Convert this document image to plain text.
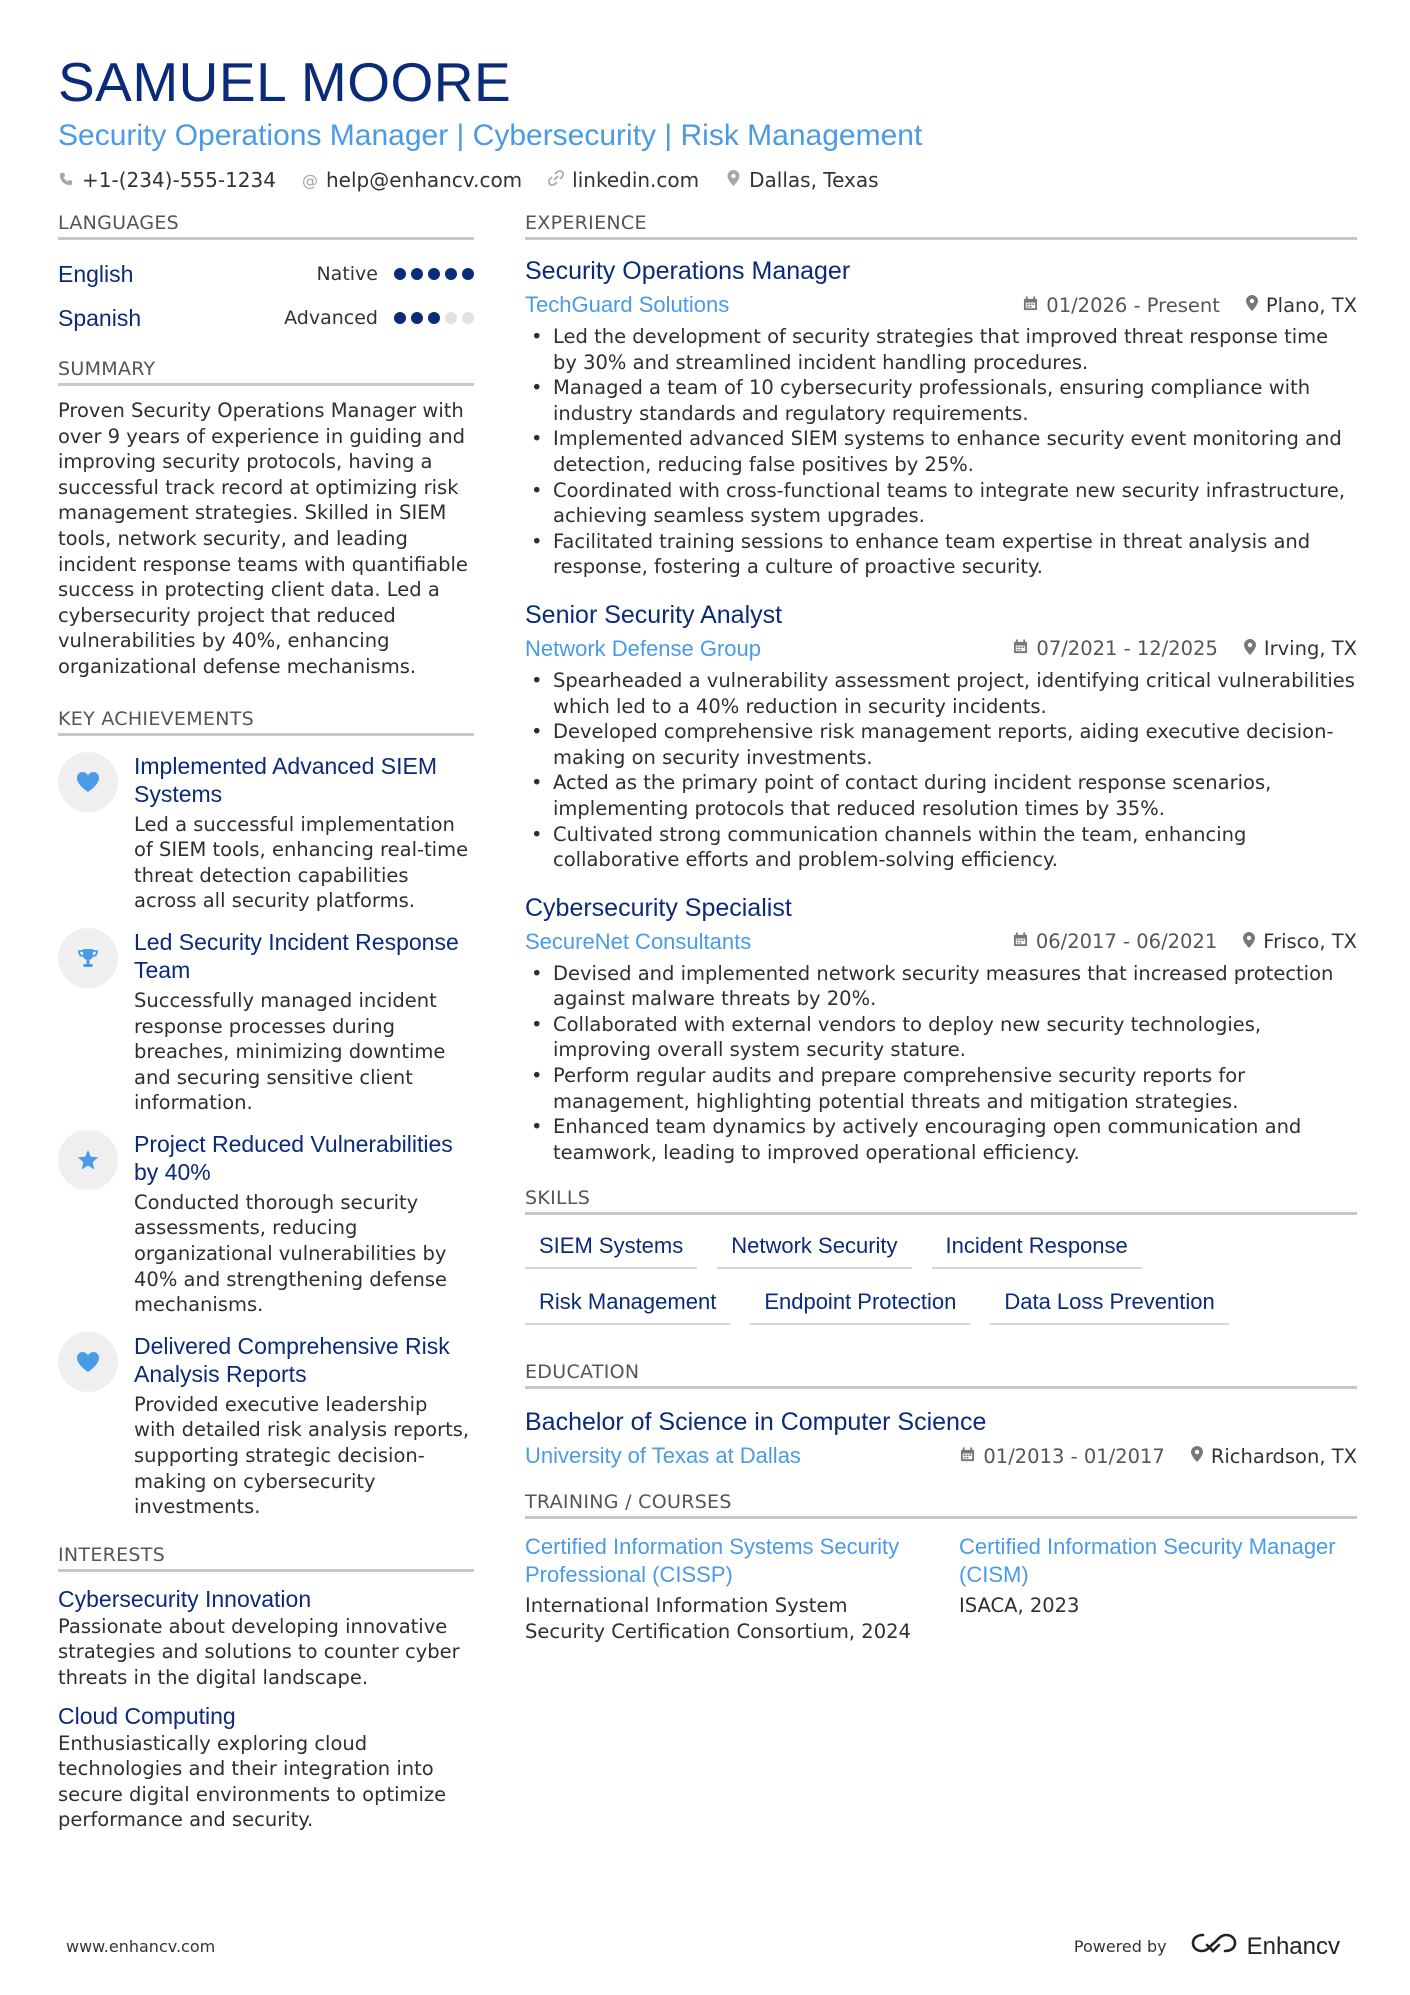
SAMUEL MOORE
Security Operations Manager | Cybersecurity | Risk Management
+1-(234)-555-1234 @ help@enhancv.com	linkedin.com	Dallas, Texas
LANGUAGES
English	Native
Spanish	Advanced
SUMMARY
Proven Security Operations Manager with over 9 years of experience in guiding and improving security protocols, having a successful track record at optimizing risk management strategies. Skilled in SIEM tools, network security, and leading incident response teams with quantifiable success in protecting client data. Led a cybersecurity project that reduced vulnerabilities by 40%, enhancing organizational defense mechanisms.
KEY ACHIEVEMENTS
Implemented Advanced SIEM Systems
Led a successful implementation of SIEM tools, enhancing real-time threat detection capabilities across all security platforms.
Led Security Incident Response Team
Successfully managed incident response processes during breaches, minimizing downtime and securing sensitive client information.
Project Reduced Vulnerabilities by 40%
Conducted thorough security assessments, reducing organizational vulnerabilities by 40% and strengthening defense mechanisms.
Delivered Comprehensive Risk Analysis Reports
Provided executive leadership with detailed risk analysis reports, supporting strategic decision-making on cybersecurity investments.
INTERESTS
Cybersecurity Innovation
Passionate about developing innovative strategies and solutions to counter cyber threats in the digital landscape.
Cloud Computing
Enthusiastically exploring cloud technologies and their integration into secure digital environments to optimize performance and security.
EXPERIENCE
Security Operations Manager
TechGuard Solutions	01/2026 - Present Plano, TX
• Led the development of security strategies that improved threat response time by 30% and streamlined incident handling procedures.
• Managed a team of 10 cybersecurity professionals, ensuring compliance with industry standards and regulatory requirements.
• Implemented advanced SIEM systems to enhance security event monitoring and detection, reducing false positives by 25%.
• Coordinated with cross-functional teams to integrate new security infrastructure, achieving seamless system upgrades.
• Facilitated training sessions to enhance team expertise in threat analysis and response, fostering a culture of proactive security.
Senior Security Analyst
Network Defense Group	07/2021 - 12/2025 Irving, TX
• Spearheaded a vulnerability assessment project, identifying critical vulnerabilities which led to a 40% reduction in security incidents.
• Developed comprehensive risk management reports, aiding executive decision-making on security investments.
• Acted as the primary point of contact during incident response scenarios, implementing protocols that reduced resolution times by 35%.
• Cultivated strong communication channels within the team, enhancing collaborative efforts and problem-solving efficiency.
Cybersecurity Specialist
SecureNet Consultants	06/2017 - 06/2021 Frisco, TX
• Devised and implemented network security measures that increased protection against malware threats by 20%.
• Collaborated with external vendors to deploy new security technologies, improving overall system security stature.
• Perform regular audits and prepare comprehensive security reports for management, highlighting potential threats and mitigation strategies.
• Enhanced team dynamics by actively encouraging open communication and teamwork, leading to improved operational efficiency.
SKILLS
SIEM Systems	Network Security	Incident Response
Risk Management	Endpoint Protection	Data Loss Prevention
EDUCATION
Bachelor of Science in Computer Science
University of Texas at Dallas	01/2013 - 01/2017 Richardson, TX
TRAINING / COURSES
Certified Information Systems Security Professional (CISSP)
International Information System Security Certification Consortium, 2024
Certified Information Security Manager (CISM)
ISACA, 2023
www.enhancv.com	Powered by	Enhancv
